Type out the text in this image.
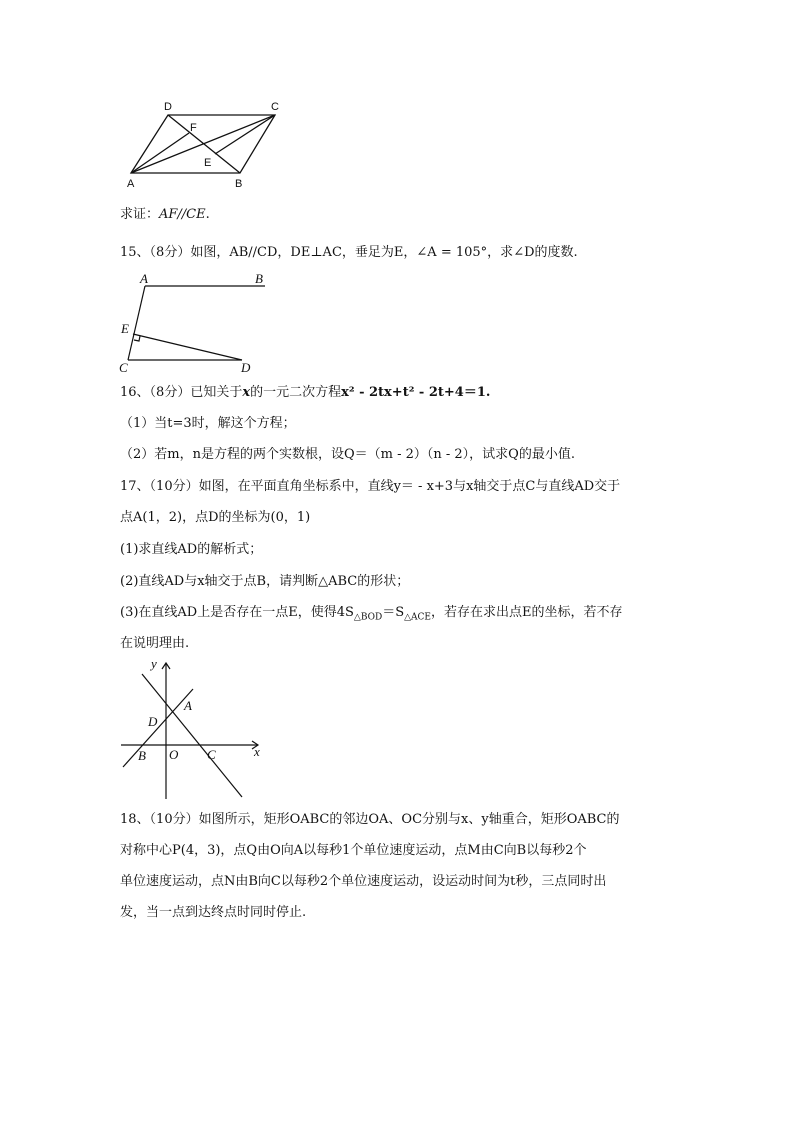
D	C
F
E
A	B
求证：AF//CE.
15、（8分）如图，AB//CD，DE⊥AC，垂足为E，∠A = 105°，求∠D的度数.
A	B
E
C	D
16、（8分）已知关于x的一元二次方程x² - 2tx+t² - 2t+4＝1.
（1）当t=3时，解这个方程；
（2）若m，n是方程的两个实数根，设Q＝（m - 2）（n - 2），试求Q的最小值.
17、（10分）如图，在平面直角坐标系中，直线y＝ - x+3与x轴交于点C与直线AD交于
点A(1，2)，点D的坐标为(0，1)
(1)求直线AD的解析式；
(2)直线AD与x轴交于点B，请判断△ABC的形状；
(3)在直线AD上是否存在一点E，使得$4S_{\triangle BOD}=S_{\triangle ACE}$，若存在求出点E的坐标，若不存
在说明理由.
y
A
D
B O C	x
18、（10分）如图所示，矩形OABC的邻边OA、OC分别与x、y轴重合，矩形OABC的
对称中心P(4，3)，点Q由O向A以每秒1个单位速度运动，点M由C向B以每秒2个
单位速度运动，点N由B向C以每秒2个单位速度运动，设运动时间为t秒，三点同时出
发，当一点到达终点时同时停止.
